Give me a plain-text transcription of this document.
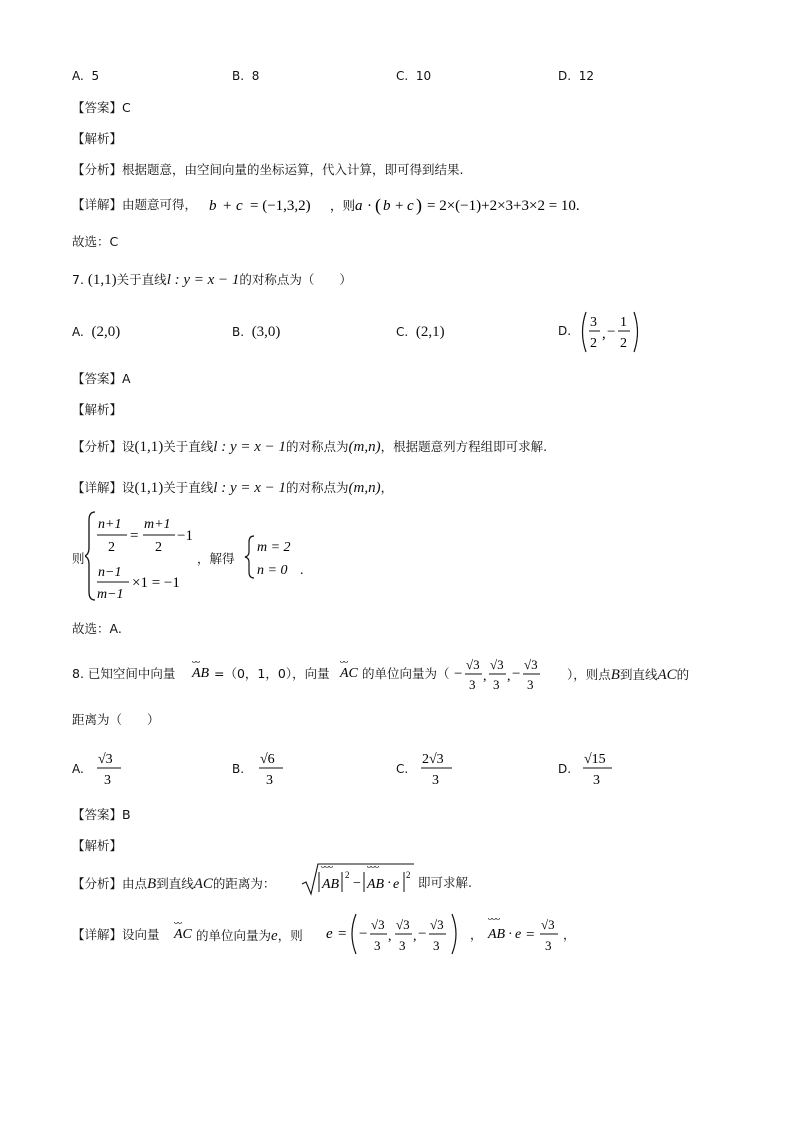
A. 5	B. 8	C. 10	D. 12
【答案】C
【解析】
【分析】根据题意，由空间向量的坐标运算，代入计算，即可得到结果.
【详解】由题意可得， b + c = (−1,3,2) ，则 a · ( b + c ) = 2×(−1)+2×3+3×2 = 10.
故选：C
7. (1,1)关于直线l : y = x − 1的对称点为（　　）
A. (2,0)	B. (3,0)	C. (2,1)	D.
3
2
, −
1
2
【答案】A
【解析】
【分析】设(1,1)关于直线l : y = x − 1的对称点为(m,n)，根据题意列方程组即可求解.
【详解】设(1,1)关于直线l : y = x − 1的对称点为(m,n)，
则
n+1
2
=
m+1
2
−1
n−1
m−1
×1 = −1
，解得
m = 2
n = 0 .
故选：A.
8. 已知空间中向量
ᴗᴗ
AB =（0，1，0），向量
ᴗᴗ
AC 的单位向量为（ −
√3
3
,
√3
3
, −
√3
3
），则点B到直线AC的
距离为（　　）
A.
√3
3
B.
√6
3
C.
2√3
3
D.
√15
3
【答案】B
【解析】
【分析】由点B到直线AC的距离为：
ᴗᴗᴗ
AB
2
−
ᴗᴗᴗ
AB · e
2 即可求解.
【详解】设向量
ᴗᴗ
AC 的单位向量为e，则 e = −
√3
3
,
√3
3
, −
√3
3
，
ᴗᴗᴗ
AB · e =
√3
3
，
